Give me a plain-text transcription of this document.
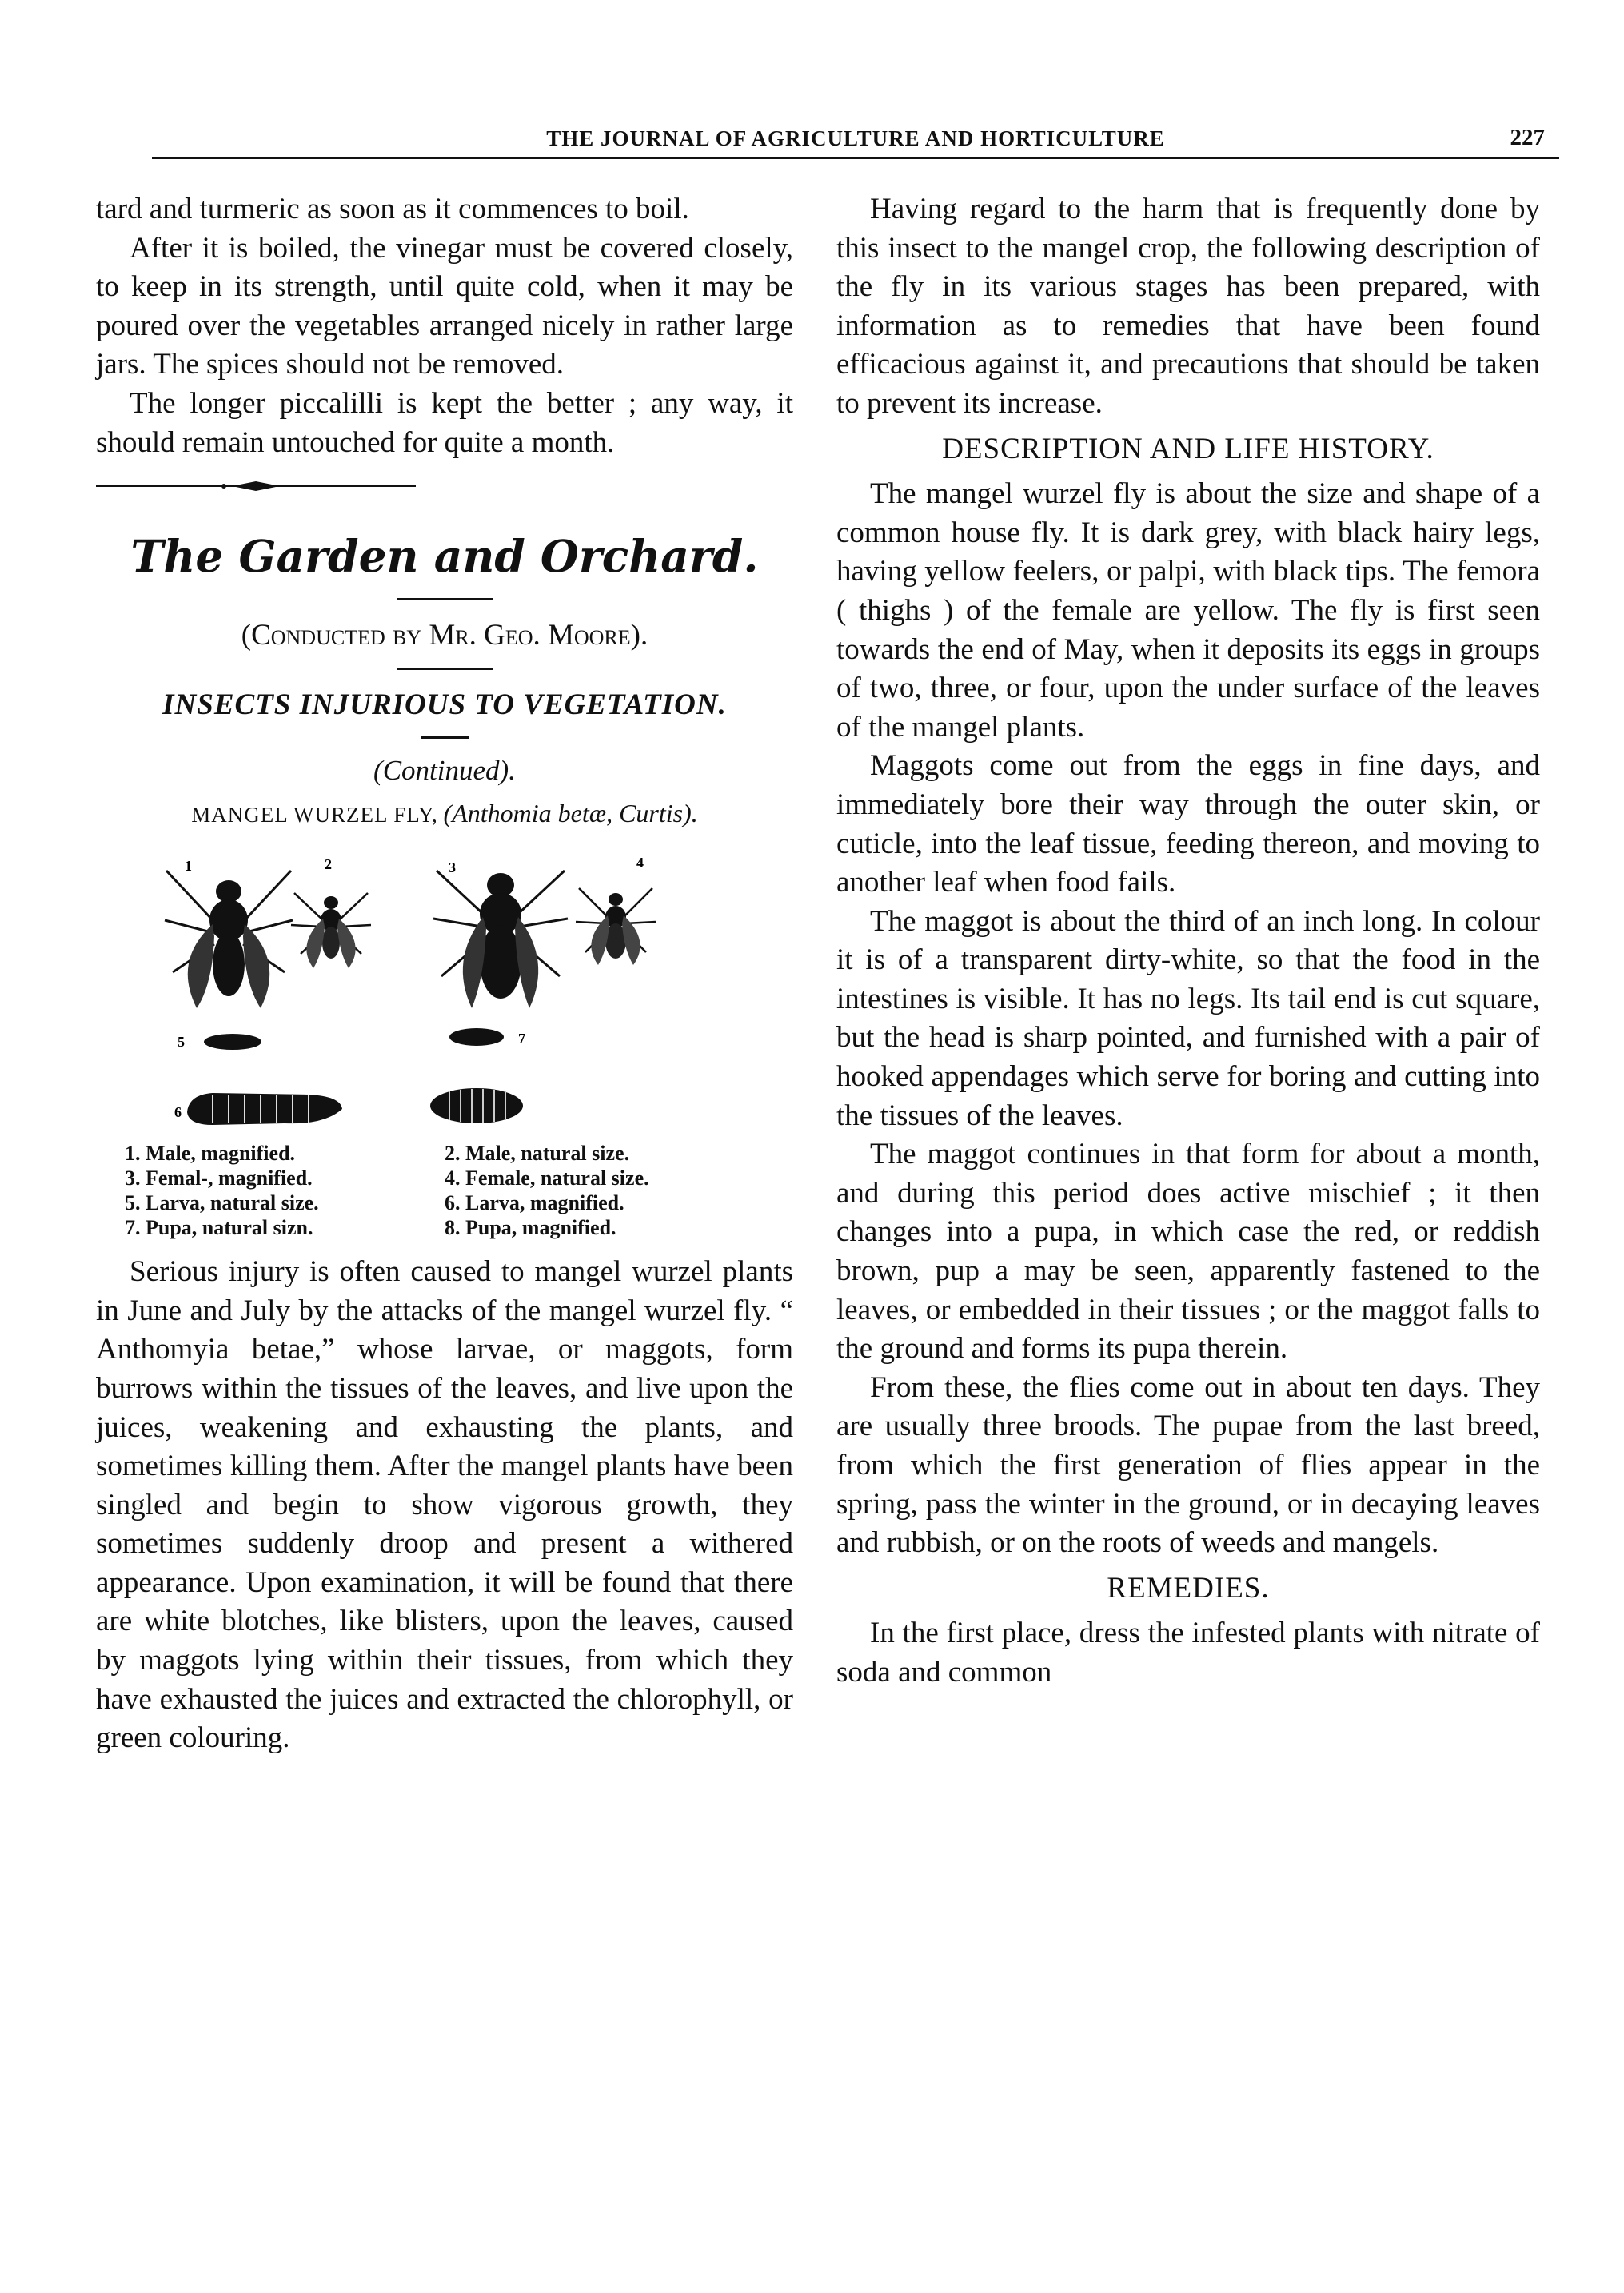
THE JOURNAL OF AGRICULTURE AND HORTICULTURE	227

tard and turmeric as soon as it commences to boil.

After it is boiled, the vinegar must be covered closely, to keep in its strength, until quite cold, when it may be poured over the vegetables arranged nicely in rather large jars. The spices should not be removed.

The longer piccalilli is kept the better ; any way, it should remain untouched for quite a month.

The Garden and Orchard.
(Conducted by Mr. Geo. Moore).
INSECTS INJURIOUS TO VEGETATION.
(Continued).
MANGEL WURZEL FLY, (Anthomia betæ, Curtis).
1	2	3	4
5	7
6
1. Male, magnified.	2. Male, natural size.
3. Femal-, magnified.	4. Female, natural size.
5. Larva, natural size.	6. Larva, magnified.
7. Pupa, natural sizn.	8. Pupa, magnified.

Serious injury is often caused to mangel wurzel plants in June and July by the attacks of the mangel wurzel fly. “ Anthomyia betae,” whose larvae, or maggots, form burrows within the tissues of the leaves, and live upon the juices, weakening and exhausting the plants, and sometimes killing them. After the mangel plants have been singled and begin to show vigorous growth, they sometimes suddenly droop and present a withered appearance. Upon examination, it will be found that there are white blotches, like blisters, upon the leaves, caused by maggots lying within their tissues, from which they have exhausted the juices and extracted the chlorophyll, or green colouring.

Having regard to the harm that is frequently done by this insect to the mangel crop, the following description of the fly in its various stages has been prepared, with information as to remedies that have been found efficacious against it, and precautions that should be taken to prevent its increase.

DESCRIPTION AND LIFE HISTORY.

The mangel wurzel fly is about the size and shape of a common house fly. It is dark grey, with black hairy legs, having yellow feelers, or palpi, with black tips. The femora ( thighs ) of the female are yellow. The fly is first seen towards the end of May, when it deposits its eggs in groups of two, three, or four, upon the under surface of the leaves of the mangel plants.

Maggots come out from the eggs in fine days, and immediately bore their way through the outer skin, or cuticle, into the leaf tissue, feeding thereon, and moving to another leaf when food fails.

The maggot is about the third of an inch long. In colour it is of a transparent dirty-white, so that the food in the intestines is visible. It has no legs. Its tail end is cut square, but the head is sharp pointed, and furnished with a pair of hooked appendages which serve for boring and cutting into the tissues of the leaves.

The maggot continues in that form for about a month, and during this period does active mischief ; it then changes into a pupa, in which case the red, or reddish brown, pup a may be seen, apparently fastened to the leaves, or embedded in their tissues ; or the maggot falls to the ground and forms its pupa therein.

From these, the flies come out in about ten days. They are usually three broods. The pupae from the last breed, from which the first generation of flies appear in the spring, pass the winter in the ground, or in decaying leaves and rubbish, or on the roots of weeds and mangels.

REMEDIES.

In the first place, dress the infested plants with nitrate of soda and common
